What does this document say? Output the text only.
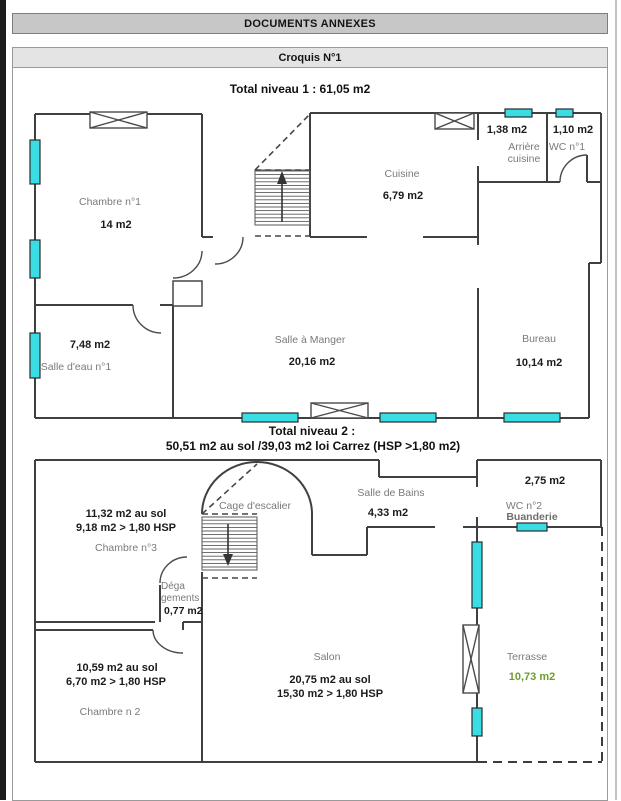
DOCUMENTS ANNEXES
Croquis N°1
Total niveau 1 : 61,05 m2
Chambre n°1
14 m2
Cuisine
6,79 m2
1,38 m2
Arrière cuisine
1,10 m2
WC n°1
7,48 m2
Salle d'eau n°1
Salle à Manger
20,16 m2
Bureau
10,14 m2
Total niveau 2 :
50,51 m2 au sol /39,03 m2 loi Carrez (HSP >1,80 m2)
11,32 m2 au sol
9,18 m2 > 1,80 HSP
Chambre n°3
Cage d'escalier
Salle de Bains
4,33 m2
2,75 m2
WC n°2
Buanderie
Déga
gements
0,77 m2
10,59 m2 au sol
6,70 m2 > 1,80 HSP
Chambre n 2
Salon
20,75 m2 au sol
15,30 m2 > 1,80 HSP
Terrasse
10,73 m2
